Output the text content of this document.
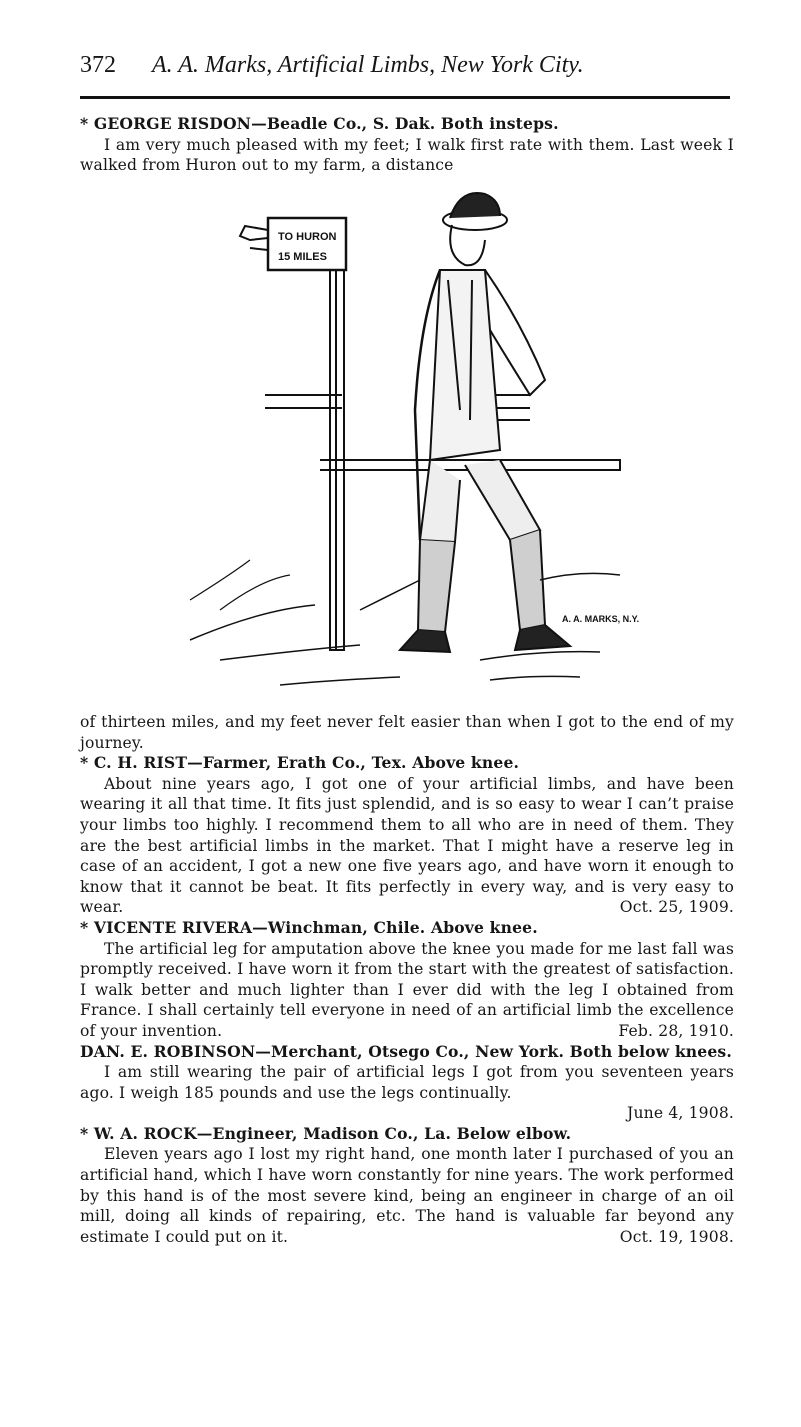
372 A. A. Marks, Artificial Limbs, New York City.

* GEORGE RISDON—Beadle Co., S. Dak. Both insteps.

I am very much pleased with my feet; I walk first rate with them. Last week I walked from Huron out to my farm, a distance

TO HURON
15 MILES
A. A. MARKS, N.Y.

of thirteen miles, and my feet never felt easier than when I got to the end of my journey.

* C. H. RIST—Farmer, Erath Co., Tex. Above knee.

About nine years ago, I got one of your artificial limbs, and have been wearing it all that time. It fits just splendid, and is so easy to wear I can’t praise your limbs too highly. I recommend them to all who are in need of them. They are the best artificial limbs in the market. That I might have a reserve leg in case of an accident, I got a new one five years ago, and have worn it enough to know that it cannot be beat. It fits perfectly in every way, and is very easy to wear.	Oct. 25, 1909.

* VICENTE RIVERA—Winchman, Chile. Above knee.

The artificial leg for amputation above the knee you made for me last fall was promptly received. I have worn it from the start with the greatest of satisfaction. I walk better and much lighter than I ever did with the leg I obtained from France. I shall certainly tell everyone in need of an artificial limb the excellence of your invention.	Feb. 28, 1910.

DAN. E. ROBINSON—Merchant, Otsego Co., New York. Both below knees.

I am still wearing the pair of artificial legs I got from you seventeen years ago. I weigh 185 pounds and use the legs continually.

June 4, 1908.

* W. A. ROCK—Engineer, Madison Co., La. Below elbow.

Eleven years ago I lost my right hand, one month later I purchased of you an artificial hand, which I have worn constantly for nine years. The work performed by this hand is of the most severe kind, being an engineer in charge of an oil mill, doing all kinds of repairing, etc. The hand is valuable far beyond any estimate I could put on it.	Oct. 19, 1908.
